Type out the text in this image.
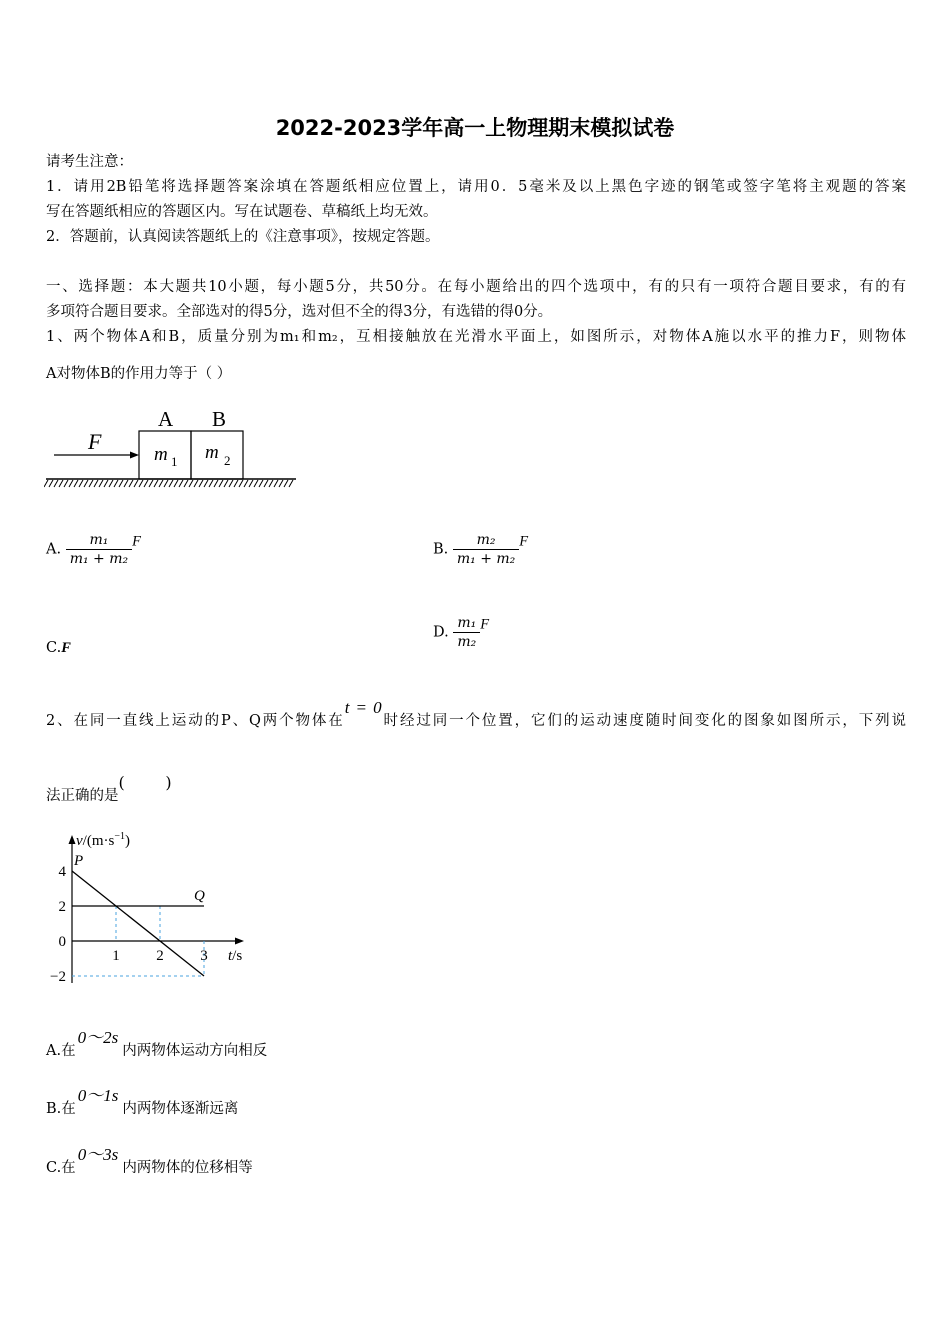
2022-2023学年高一上物理期末模拟试卷
请考生注意：
1．请用2B铅笔将选择题答案涂填在答题纸相应位置上，请用0．5毫米及以上黑色字迹的钢笔或签字笔将主观题的答案
写在答题纸相应的答题区内。写在试题卷、草稿纸上均无效。
2．答题前，认真阅读答题纸上的《注意事项》，按规定答题。
一、选择题：本大题共10小题，每小题5分，共50分。在每小题给出的四个选项中，有的只有一项符合题目要求，有的有
多项符合题目要求。全部选对的得5分，选对但不全的得3分，有选错的得0分。
1、两个物体A和B，质量分别为m₁和m₂，互相接触放在光滑水平面上，如图所示，对物体A施以水平的推力F，则物体
A对物体B的作用力等于（ ）
F
A B
m 1 m 2
A. $\frac{\text{m₁}}{\text{m₁ + m₂}}$ F	B. $\frac{\text{m₂}}{\text{m₁ + m₂}}$ F
C.F
D. $\frac{\text{m₁}}{\text{m₂}}$ F
2、在同一直线上运动的P、Q两个物体在t = 0时经过同一个位置，它们的运动速度随时间变化的图象如图所示，下列说
法正确的是(        )
$v/(m\cdot s^{-1})$
4
2
0
−2
1 2 3 t/s
P
Q
A.在0～2s内两物体运动方向相反
B.在0～1s内两物体逐渐远离
C.在0～3s内两物体的位移相等
